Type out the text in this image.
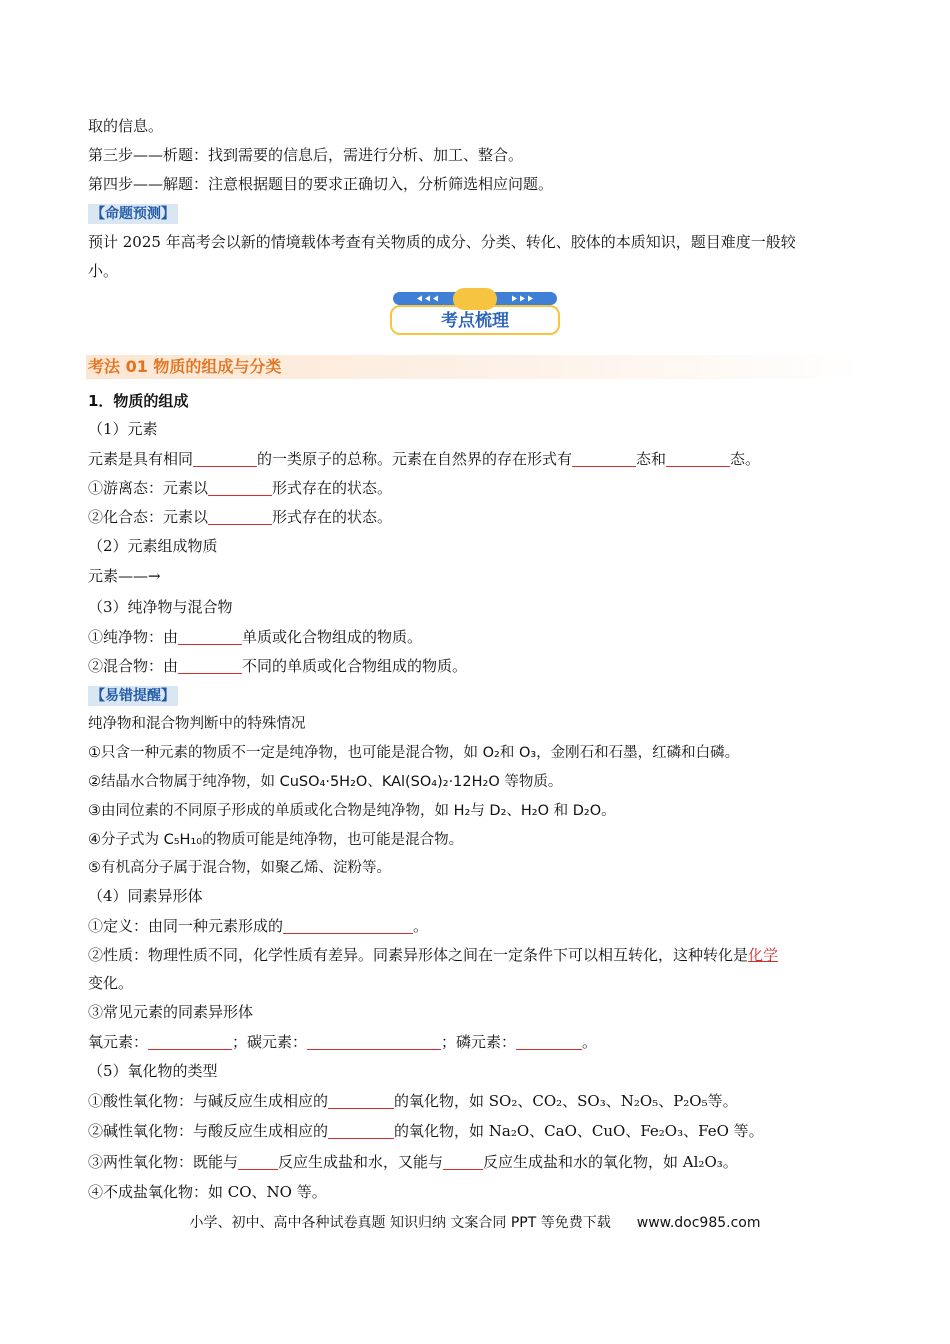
取的信息。
第三步——析题：找到需要的信息后，需进行分析、加工、整合。
第四步——解题：注意根据题目的要求正确切入，分析筛选相应问题。
【命题预测】
预计 2025 年高考会以新的情境载体考查有关物质的成分、分类、转化、胶体的本质知识，题目难度一般较
小。
考点梳理
考法 01 物质的组成与分类
1．物质的组成
（1）元素
元素是具有相同	的一类原子的总称。元素在自然界的存在形式有	态和	态。
①游离态：元素以	形式存在的状态。
②化合态：元素以	形式存在的状态。
（2）元素组成物质
元素——→
（3）纯净物与混合物
①纯净物：由	单质或化合物组成的物质。
②混合物：由	不同的单质或化合物组成的物质。
【易错提醒】
纯净物和混合物判断中的特殊情况
①只含一种元素的物质不一定是纯净物，也可能是混合物，如 O₂和 O₃，金刚石和石墨，红磷和白磷。
②结晶水合物属于纯净物，如 CuSO₄·5H₂O、KAl(SO₄)₂·12H₂O 等物质。
③由同位素的不同原子形成的单质或化合物是纯净物，如 H₂与 D₂、H₂O 和 D₂O。
④分子式为 C₅H₁₀的物质可能是纯净物，也可能是混合物。
⑤有机高分子属于混合物，如聚乙烯、淀粉等。
（4）同素异形体
①定义：由同一种元素形成的	。
②性质：物理性质不同，化学性质有差异。同素异形体之间在一定条件下可以相互转化，这种转化是化学
变化。
③常见元素的同素异形体
氧元素：	；碳元素：	；磷元素：	。
（5）氧化物的类型
①酸性氧化物：与碱反应生成相应的	的氧化物，如 SO₂、CO₂、SO₃、N₂O₅、P₂O₅等。
②碱性氧化物：与酸反应生成相应的	的氧化物，如 Na₂O、CaO、CuO、Fe₂O₃、FeO 等。
③两性氧化物：既能与	反应生成盐和水，又能与	反应生成盐和水的氧化物，如 Al₂O₃。
④不成盐氧化物：如 CO、NO 等。
小学、初中、高中各种试卷真题 知识归纳 文案合同 PPT 等免费下载 www.doc985.com
